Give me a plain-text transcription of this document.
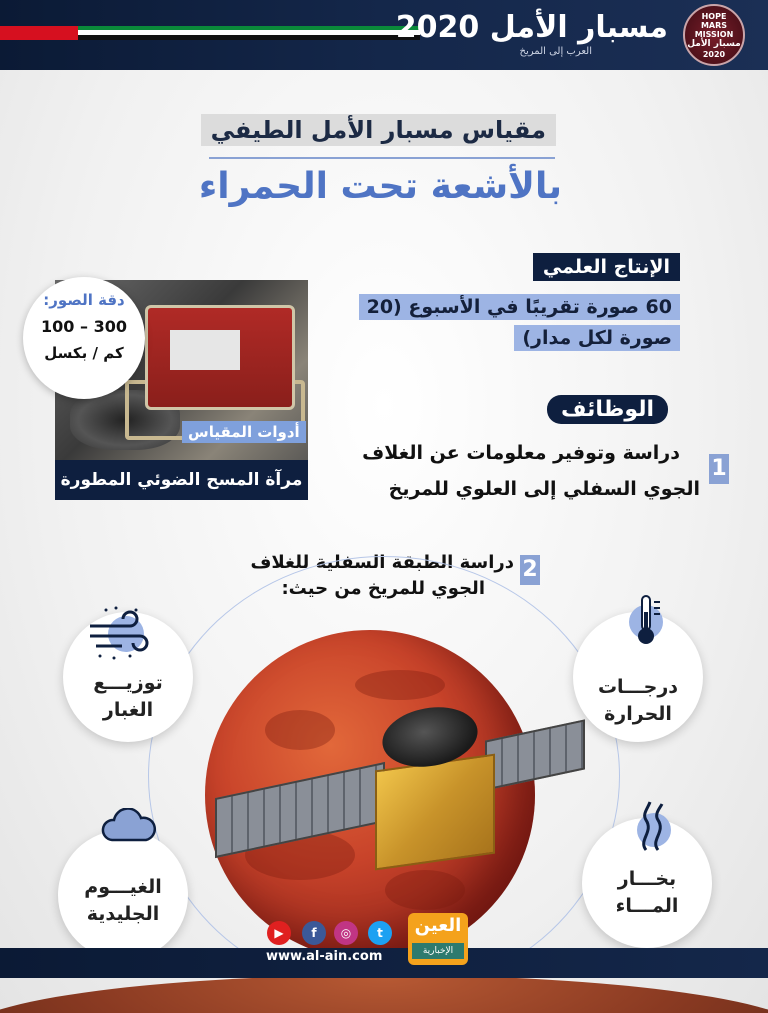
مسبار الأمل 2020
العرب إلى المريخ
HOPE
MARS
MISSION
مسبار الأمل
2020
مقياس مسبار الأمل الطيفي
بالأشعة تحت الحمراء
الإنتاج العلمي
60 صورة تقريبًا في الأسبوع (20
صورة لكل مدار)
أدوات المقياس
مرآة المسح الضوئي المطورة
دقة الصور:
100 – 300
كم / بكسل
الوظائف
1
دراسة وتوفير معلومات عن الغلاف
الجوي السفلي إلى العلوي للمريخ
2
دراسة الطبقة السفلية للغلاف
الجوي للمريخ من حيث:
درجـــات
الحرارة
توزيـــع
الغبار
بخـــار
المـــاء
الغيـــوم
الجليدية
▶	f	◎	t
www.al-ain.com
العين
الإخبارية
